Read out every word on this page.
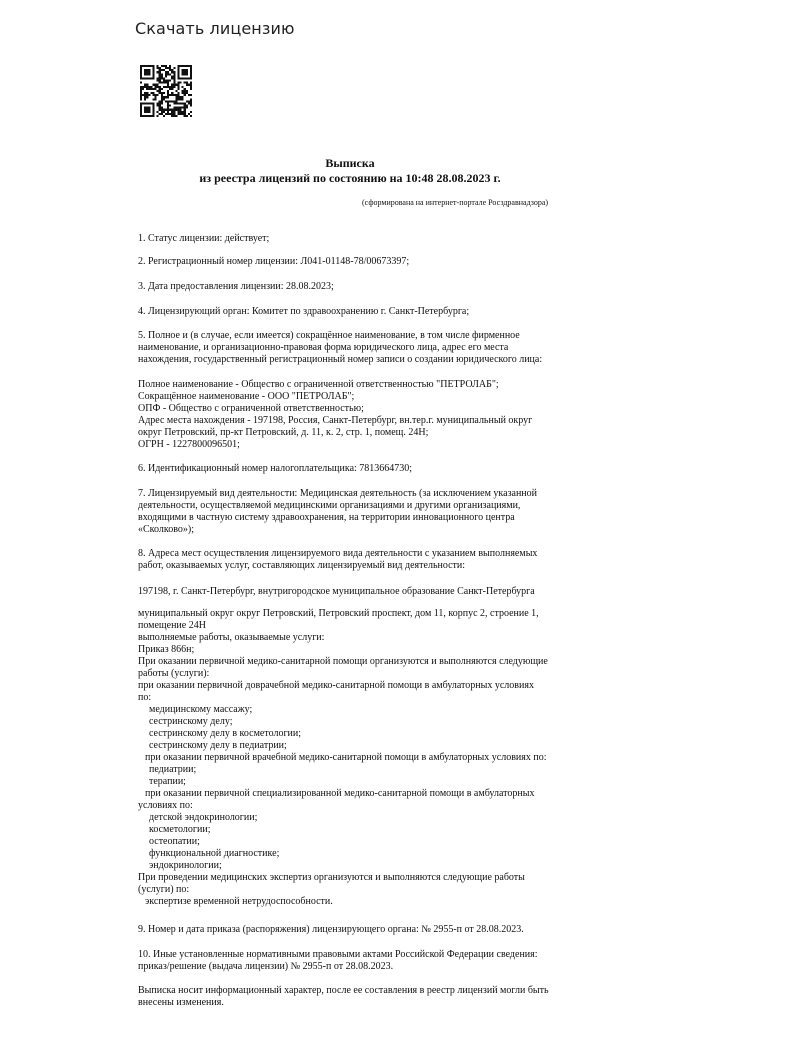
Скачать лицензию
Выписка
из реестра лицензий по состоянию на 10:48 28.08.2023 г.
(сформирована на интернет-портале Росздравнадзора)

1. Статус лицензии: действует;

2. Регистрационный номер лицензии: Л041-01148-78/00673397;

3. Дата предоставления лицензии: 28.08.2023;

4. Лицензирующий орган: Комитет по здравоохранению г. Санкт-Петербурга;

5. Полное и (в случае, если имеется) сокращённое наименование, в том числе фирменное
наименование, и организационно-правовая форма юридического лица, адрес его места
нахождения, государственный регистрационный номер записи о создании юридического лица:

Полное наименование - Общество с ограниченной ответственностью "ПЕТРОЛАБ";
Сокращённое наименование - ООО "ПЕТРОЛАБ";
ОПФ - Общество с ограниченной ответственностью;
Адрес места нахождения - 197198, Россия, Санкт-Петербург, вн.тер.г. муниципальный округ
округ Петровский, пр-кт Петровский, д. 11, к. 2, стр. 1, помещ. 24Н;
ОГРН - 1227800096501;

6. Идентификационный номер налогоплательщика: 7813664730;

7. Лицензируемый вид деятельности: Медицинская деятельность (за исключением указанной
деятельности, осуществляемой медицинскими организациями и другими организациями,
входящими в частную систему здравоохранения, на территории инновационного центра
«Сколково»);

8. Адреса мест осуществления лицензируемого вида деятельности с указанием выполняемых
работ, оказываемых услуг, составляющих лицензируемый вид деятельности:

197198, г. Санкт-Петербург, внутригородское муниципальное образование Санкт-Петербурга

муниципальный округ округ Петровский, Петровский проспект, дом 11, корпус 2, строение 1,
помещение 24Н
выполняемые работы, оказываемые услуги:
Приказ 866н;
При оказании первичной медико-санитарной помощи организуются и выполняются следующие
работы (услуги):
при оказании первичной доврачебной медико-санитарной помощи в амбулаторных условиях
по:
медицинскому массажу;
сестринскому делу;
сестринскому делу в косметологии;
сестринскому делу в педиатрии;
при оказании первичной врачебной медико-санитарной помощи в амбулаторных условиях по:
педиатрии;
терапии;
при оказании первичной специализированной медико-санитарной помощи в амбулаторных
условиях по:
детской эндокринологии;
косметологии;
остеопатии;
функциональной диагностике;
эндокринологии;
При проведении медицинских экспертиз организуются и выполняются следующие работы
(услуги) по:
экспертизе временной нетрудоспособности.

9. Номер и дата приказа (распоряжения) лицензирующего органа: № 2955-п от 28.08.2023.

10. Иные установленные нормативными правовыми актами Российской Федерации сведения:
приказ/решение (выдача лицензии) № 2955-п от 28.08.2023.

Выписка носит информационный характер, после ее составления в реестр лицензий могли быть
внесены изменения.
